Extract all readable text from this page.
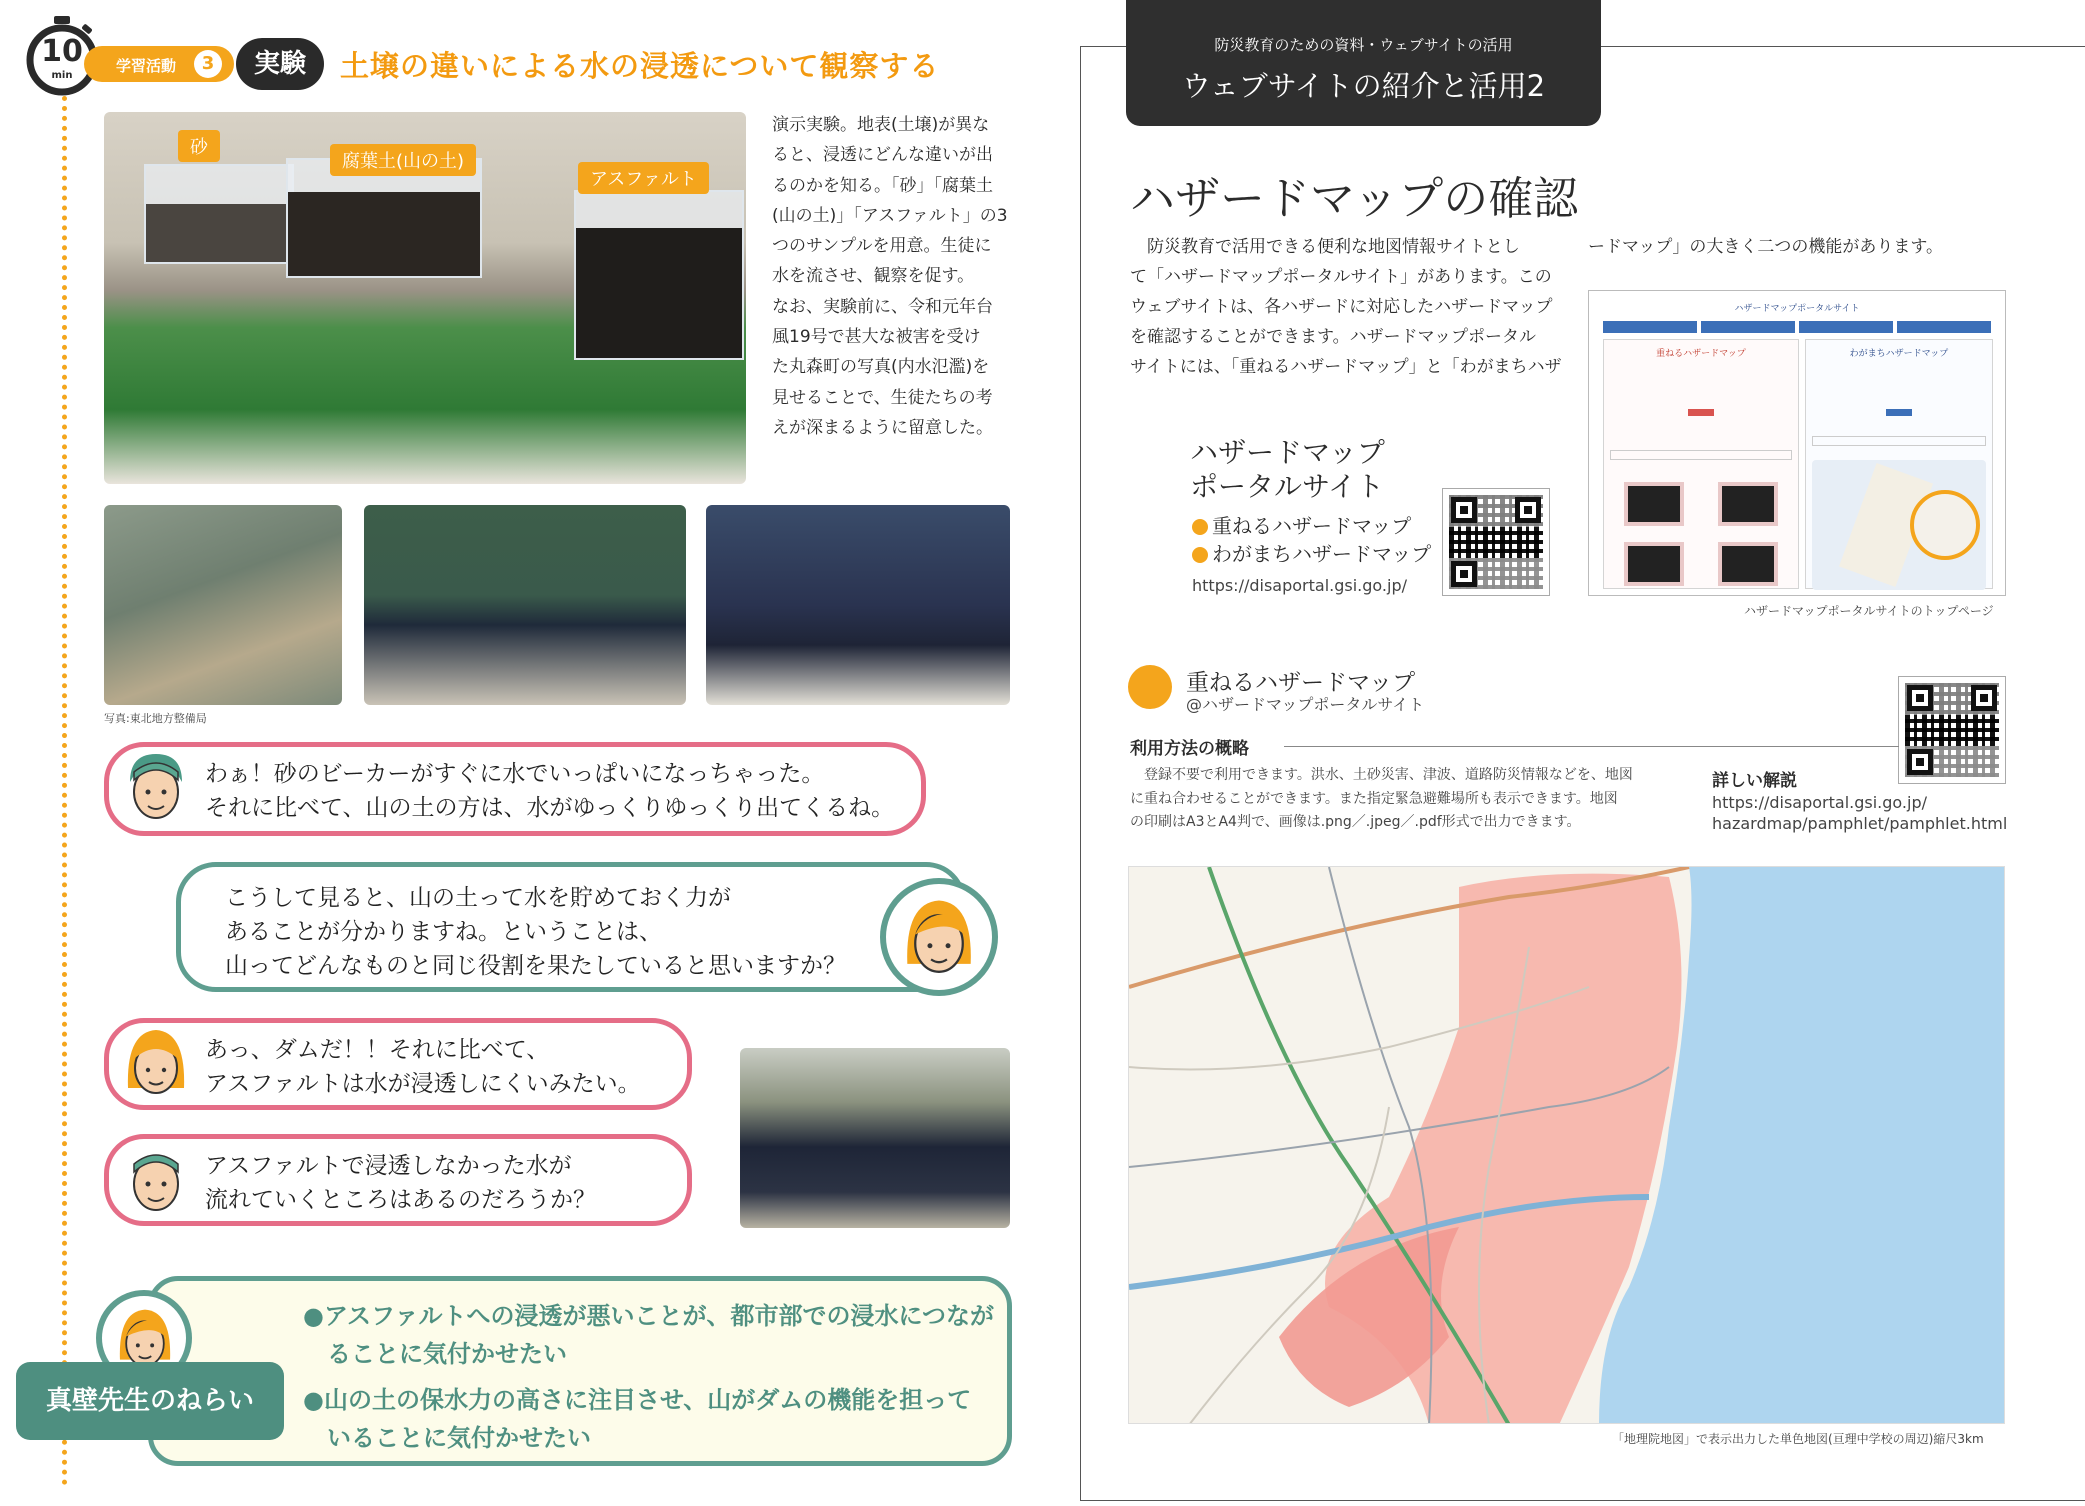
10
min
学習活動	3	実験	土壌の違いによる水の浸透について観察する
砂
腐葉土(山の土)
アスファルト
演示実験。地表(土壌)が異な
ると、浸透にどんな違いが出
るのかを知る。「砂」「腐葉土
(山の土)」「アスファルト」の3
つのサンプルを用意。生徒に
水を流させ、観察を促す。
なお、実験前に、令和元年台
風19号で甚大な被害を受け
た丸森町の写真(内水氾濫)を
見せることで、生徒たちの考
えが深まるように留意した。
写真:東北地方整備局
わぁ！砂のビーカーがすぐに水でいっぱいになっちゃった。
それに比べて、山の土の方は、水がゆっくりゆっくり出てくるね。
こうして見ると、山の土って水を貯めておく力が
あることが分かりますね。ということは、
山ってどんなものと同じ役割を果たしていると思いますか？
あっ、ダムだ！！それに比べて、
アスファルトは水が浸透しにくいみたい。
アスファルトで浸透しなかった水が
流れていくところはあるのだろうか？
●アスファルトへの浸透が悪いことが、都市部での浸水につなが
　ることに気付かせたい
●山の土の保水力の高さに注目させ、山がダムの機能を担って
　いることに気付かせたい
真壁先生のねらい
防災教育のための資料・ウェブサイトの活用
ウェブサイトの紹介と活用2
ハザードマップの確認
　防災教育で活用できる便利な地図情報サイトとし
て「ハザードマップポータルサイト」があります。この
ウェブサイトは、各ハザードに対応したハザードマップ
を確認することができます。ハザードマップポータル
サイトには、「重ねるハザードマップ」と「わがまちハザ
ードマップ」の大きく二つの機能があります。
ハザードマップ
ポータルサイト
重ねるハザードマップ
わがまちハザードマップ
https://disaportal.gsi.go.jp/
ハザードマップポータルサイト
重ねるハザードマップ	わがまちハザードマップ
ハザードマップポータルサイトのトップページ
重ねるハザードマップ
@ハザードマップポータルサイト
利用方法の概略
　登録不要で利用できます。洪水、土砂災害、津波、道路防災情報などを、地図
に重ね合わせることができます。また指定緊急避難場所も表示できます。地図
の印刷はA3とA4判で、画像は.png／.jpeg／.pdf形式で出力できます。
詳しい解説
https://disaportal.gsi.go.jp/
hazardmap/pamphlet/pamphlet.html
「地理院地図」で表示出力した単色地図(亘理中学校の周辺)縮尺3km
